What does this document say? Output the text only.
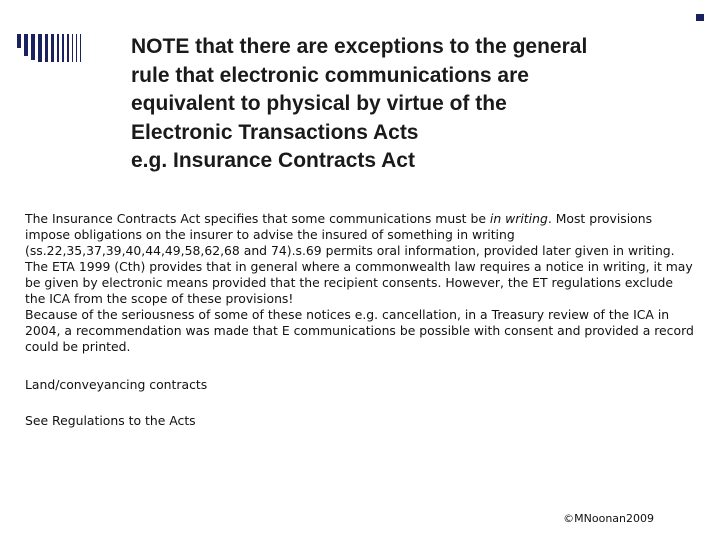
NOTE that there are exceptions to the general
rule that electronic communications are
equivalent to physical by virtue of the
Electronic Transactions Acts
e.g. Insurance Contracts Act

The Insurance Contracts Act specifies that some communications must be in writing. Most provisions impose obligations on the insurer to advise the insured of something in writing (ss.22,35,37,39,40,44,49,58,62,68 and 74).s.69 permits oral information, provided later given in writing.

The ETA 1999 (Cth) provides that in general where a commonwealth law requires a notice in writing, it may be given by electronic means provided that the recipient consents. However, the ET regulations exclude the ICA from the scope of these provisions!

Because of the seriousness of some of these notices e.g. cancellation, in a Treasury review of the ICA in 2004, a recommendation was made that E communications be possible with consent and provided a record could be printed.

Land/conveyancing contracts

See Regulations to the Acts

©MNoonan2009
